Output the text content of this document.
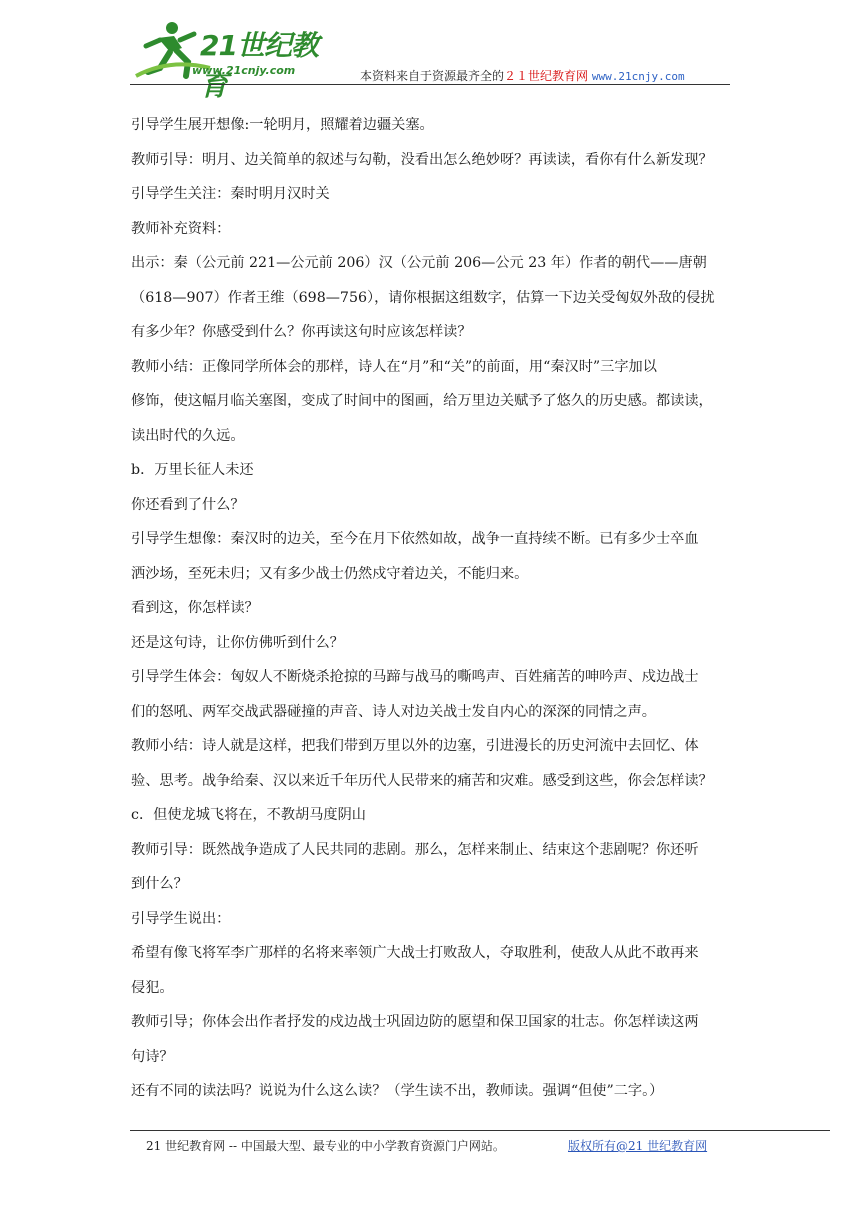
21世纪教育
www.21cnjy.com	本资料来自于资源最齐全的２１世纪教育网 www.21cnjy.com

引导学生展开想像:一轮明月，照耀着边疆关塞。

教师引导：明月、边关简单的叙述与勾勒，没看出怎么绝妙呀？再读读，看你有什么新发现？

引导学生关注：秦时明月汉时关

教师补充资料：

出示：秦（公元前 221—公元前 206）汉（公元前 206—公元 23 年）作者的朝代——唐朝

（618—907）作者王维（698—756），请你根据这组数字，估算一下边关受匈奴外敌的侵扰

有多少年？你感受到什么？你再读这句时应该怎样读？

教师小结：正像同学所体会的那样，诗人在“月”和“关”的前面，用“秦汉时”三字加以

修饰，使这幅月临关塞图，变成了时间中的图画，给万里边关赋予了悠久的历史感。都读读，

读出时代的久远。

b．万里长征人未还

你还看到了什么？

引导学生想像：秦汉时的边关，至今在月下依然如故，战争一直持续不断。已有多少士卒血

洒沙场，至死未归；又有多少战士仍然戍守着边关，不能归来。

看到这，你怎样读？

还是这句诗，让你仿佛听到什么？

引导学生体会：匈奴人不断烧杀抢掠的马蹄与战马的嘶鸣声、百姓痛苦的呻吟声、戍边战士

们的怒吼、两军交战武器碰撞的声音、诗人对边关战士发自内心的深深的同情之声。

教师小结：诗人就是这样，把我们带到万里以外的边塞，引进漫长的历史河流中去回忆、体

验、思考。战争给秦、汉以来近千年历代人民带来的痛苦和灾难。感受到这些，你会怎样读？

c．但使龙城飞将在，不教胡马度阴山

教师引导：既然战争造成了人民共同的悲剧。那么，怎样来制止、结束这个悲剧呢？你还听

到什么？

引导学生说出：

希望有像飞将军李广那样的名将来率领广大战士打败敌人，夺取胜利，使敌人从此不敢再来

侵犯。

教师引导；你体会出作者抒发的戍边战士巩固边防的愿望和保卫国家的壮志。你怎样读这两

句诗？

还有不同的读法吗？说说为什么这么读？（学生读不出，教师读。强调“但使”二字。）

21 世纪教育网 -- 中国最大型、最专业的中小学教育资源门户网站。	版权所有@21 世纪教育网
